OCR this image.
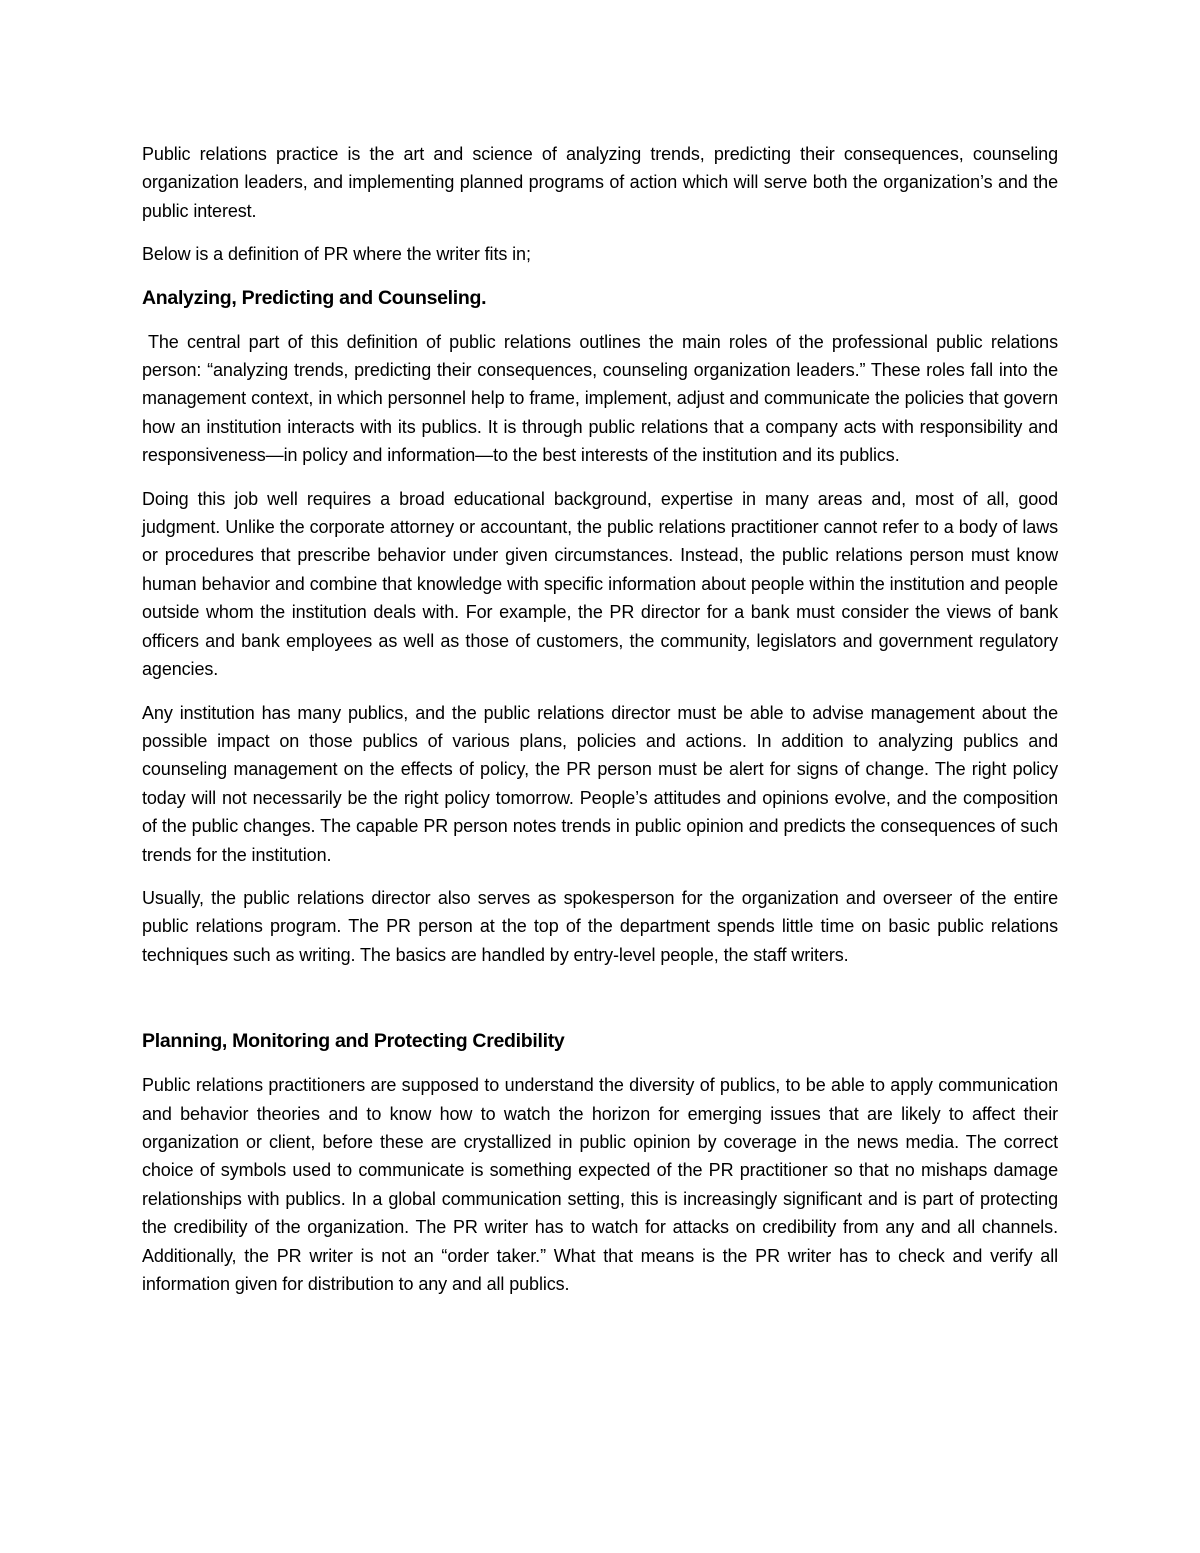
Public relations practice is the art and science of analyzing trends, predicting their consequences, counseling organization leaders, and implementing planned programs of action which will serve both the organization’s and the public interest.

Below is a definition of PR where the writer fits in;

Analyzing, Predicting and Counseling.

The central part of this definition of public relations outlines the main roles of the professional public relations person: “analyzing trends, predicting their consequences, counseling organization leaders.” These roles fall into the management context, in which personnel help to frame, implement, adjust and communicate the policies that govern how an institution interacts with its publics. It is through public relations that a company acts with responsibility and responsiveness—in policy and information—to the best interests of the institution and its publics.

Doing this job well requires a broad educational background, expertise in many areas and, most of all, good judgment. Unlike the corporate attorney or accountant, the public relations practitioner cannot refer to a body of laws or procedures that prescribe behavior under given circumstances. Instead, the public relations person must know human behavior and combine that knowledge with specific information about people within the institution and people outside whom the institution deals with. For example, the PR director for a bank must consider the views of bank officers and bank employees as well as those of customers, the community, legislators and government regulatory agencies.

Any institution has many publics, and the public relations director must be able to advise management about the possible impact on those publics of various plans, policies and actions. In addition to analyzing publics and counseling management on the effects of policy, the PR person must be alert for signs of change. The right policy today will not necessarily be the right policy tomorrow. People’s attitudes and opinions evolve, and the composition of the public changes. The capable PR person notes trends in public opinion and predicts the consequences of such trends for the institution.

Usually, the public relations director also serves as spokesperson for the organization and overseer of the entire public relations program. The PR person at the top of the department spends little time on basic public relations techniques such as writing. The basics are handled by entry-level people, the staff writers.

Planning, Monitoring and Protecting Credibility

Public relations practitioners are supposed to understand the diversity of publics, to be able to apply communication and behavior theories and to know how to watch the horizon for emerging issues that are likely to affect their organization or client, before these are crystallized in public opinion by coverage in the news media. The correct choice of symbols used to communicate is something expected of the PR practitioner so that no mishaps damage relationships with publics. In a global communication setting, this is increasingly significant and is part of protecting the credibility of the organization. The PR writer has to watch for attacks on credibility from any and all channels. Additionally, the PR writer is not an “order taker.” What that means is the PR writer has to check and verify all information given for distribution to any and all publics.
